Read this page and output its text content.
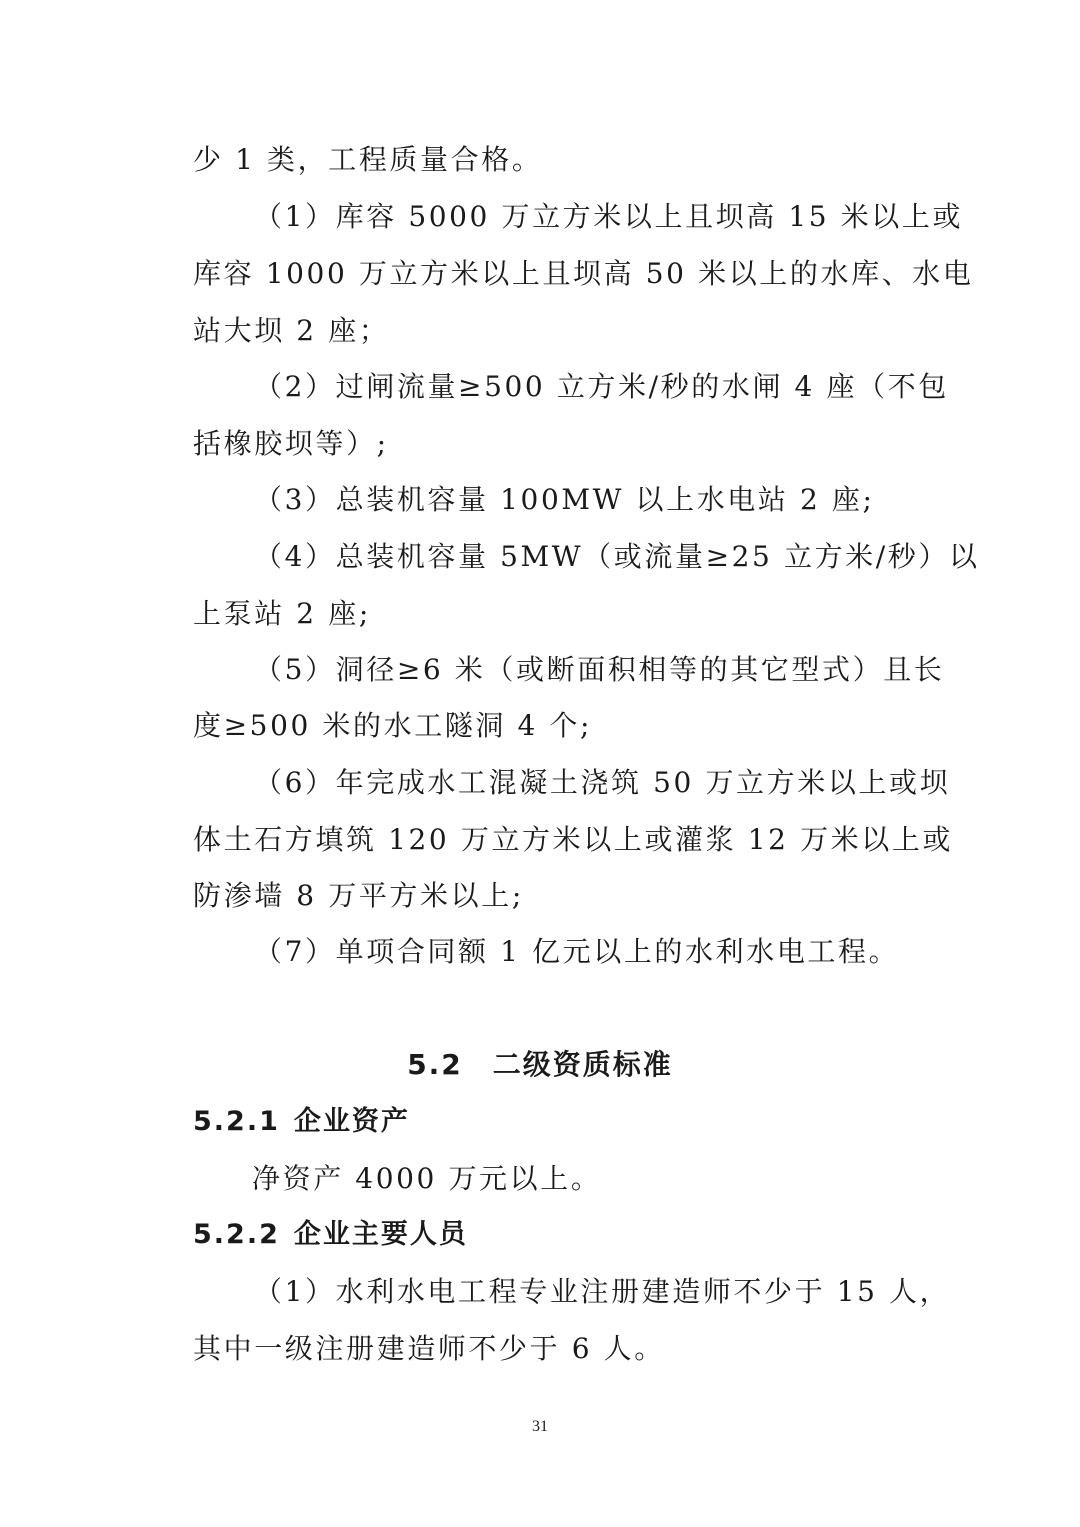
少 1 类，工程质量合格。
（1）库容 5000 万立方米以上且坝高 15 米以上或
库容 1000 万立方米以上且坝高 50 米以上的水库、水电
站大坝 2 座；
（2）过闸流量≥500 立方米/秒的水闸 4 座（不包
括橡胶坝等）;
（3）总装机容量 100MW 以上水电站 2 座;
（4）总装机容量 5MW（或流量≥25 立方米/秒）以
上泵站 2 座;
（5）洞径≥6 米（或断面积相等的其它型式）且长
度≥500 米的水工隧洞 4 个;
（6）年完成水工混凝土浇筑 50 万立方米以上或坝
体土石方填筑 120 万立方米以上或灌浆 12 万米以上或
防渗墙 8 万平方米以上;
（7）单项合同额 1 亿元以上的水利水电工程。
5.2 二级资质标准
5.2.1 企业资产
净资产 4000 万元以上。
5.2.2 企业主要人员
（1）水利水电工程专业注册建造师不少于 15 人，
其中一级注册建造师不少于 6 人。
31
